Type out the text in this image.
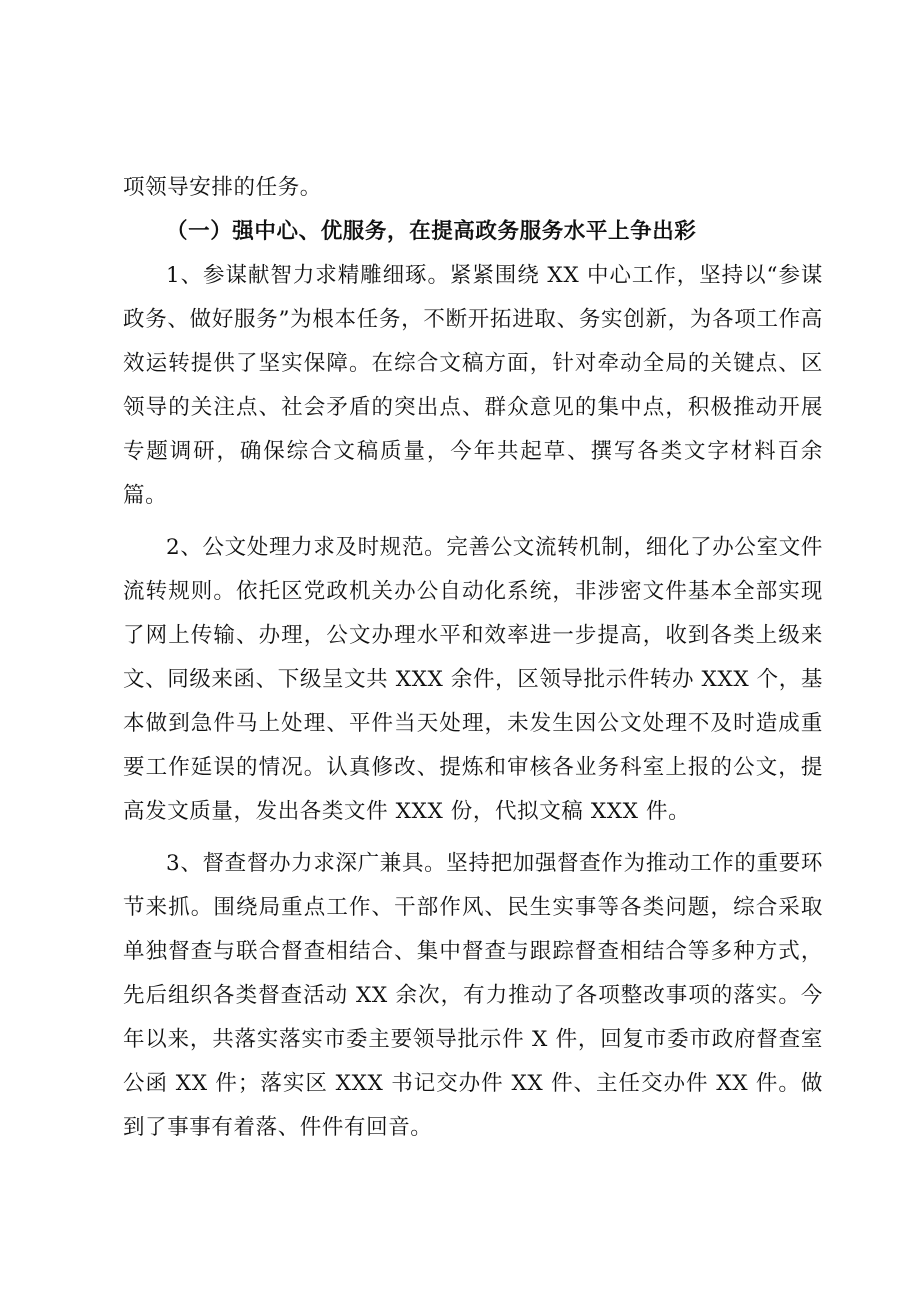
项领导安排的任务。

（一）强中心、优服务，在提高政务服务水平上争出彩

1、参谋献智力求精雕细琢。紧紧围绕 XX 中心工作，坚持以“参谋政务、做好服务”为根本任务，不断开拓进取、务实创新，为各项工作高效运转提供了坚实保障。在综合文稿方面，针对牵动全局的关键点、区领导的关注点、社会矛盾的突出点、群众意见的集中点，积极推动开展专题调研，确保综合文稿质量，今年共起草、撰写各类文字材料百余篇。

2、公文处理力求及时规范。完善公文流转机制，细化了办公室文件流转规则。依托区党政机关办公自动化系统，非涉密文件基本全部实现了网上传输、办理，公文办理水平和效率进一步提高，收到各类上级来文、同级来函、下级呈文共 XXX 余件，区领导批示件转办 XXX 个，基本做到急件马上处理、平件当天处理，未发生因公文处理不及时造成重要工作延误的情况。认真修改、提炼和审核各业务科室上报的公文，提高发文质量，发出各类文件 XXX 份，代拟文稿 XXX 件。

3、督查督办力求深广兼具。坚持把加强督查作为推动工作的重要环节来抓。围绕局重点工作、干部作风、民生实事等各类问题，综合采取单独督查与联合督查相结合、集中督查与跟踪督查相结合等多种方式，先后组织各类督查活动 XX 余次，有力推动了各项整改事项的落实。今年以来，共落实落实市委主要领导批示件 X 件，回复市委市政府督查室公函 XX 件；落实区 XXX 书记交办件 XX 件、主任交办件 XX 件。做到了事事有着落、件件有回音。
